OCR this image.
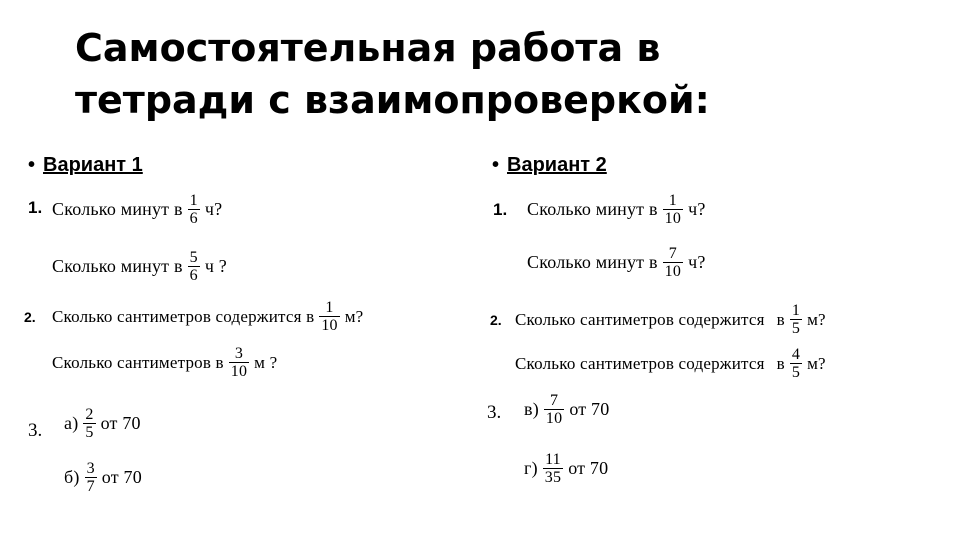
Самостоятельная работа в
тетради с взаимопроверкой:
• Вариант 1
1. Сколько минут в $\frac{1}{6} ч$?
Сколько минут в $\frac{5}{6}$ ч ?
2. Сколько сантиметров содержится в $\frac{1}{10} м$?
Сколько сантиметров в $\frac{3}{10}$ м ?
3. $а) \frac{2}{5}$ от 70
$б) \frac{3}{7}$ от 70
• Вариант 2
1. Сколько минут в $\frac{1}{10} ч$?
Сколько минут в $\frac{7}{10} ч$?
2. Сколько сантиметров содержится в $\frac{1}{5} м$?
Сколько сантиметров содержится в $\frac{4}{5} м$?
3. $в) \frac{7}{10}$ от 70
$г) \frac{11}{35}$ от 70
